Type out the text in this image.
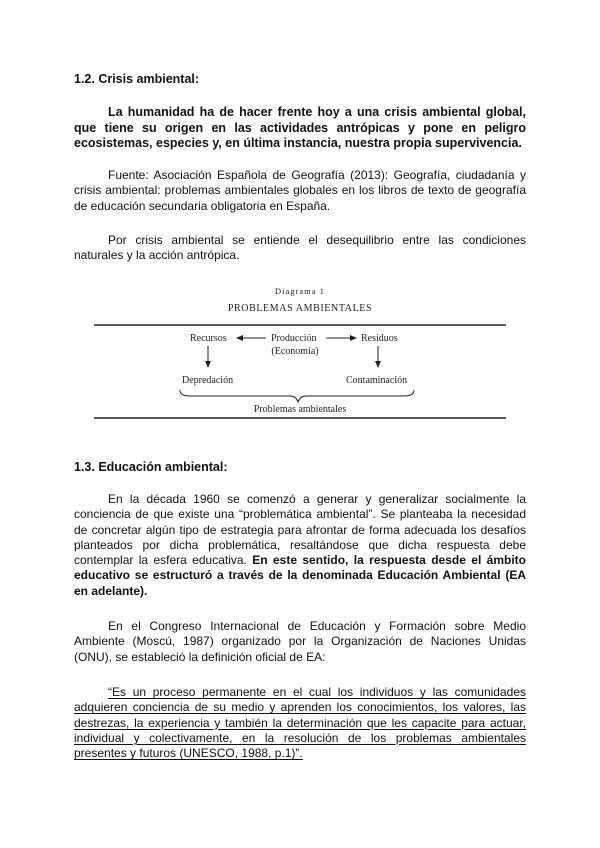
1.2. Crisis ambiental:

La humanidad ha de hacer frente hoy a una crisis ambiental global, que tiene su origen en las actividades antrópicas y pone en peligro ecosistemas, especies y, en última instancia, nuestra propia supervivencia.

Fuente: Asociación Española de Geografía (2013): Geografía, ciudadanía y crisis ambiental: problemas ambientales globales en los libros de texto de geografía de educación secundaria obligatoria en España.

Por crisis ambiental se entiende el desequilibrio entre las condiciones naturales y la acción antrópica.

Diagrama 1
PROBLEMAS AMBIENTALES
Recursos	Producción	Residuos
(Economía)
Depredación	Contaminación
Problemas ambientales

1.3. Educación ambiental:

En la década 1960 se comenzó a generar y generalizar socialmente la conciencia de que existe una “problemática ambiental”. Se planteaba la necesidad de concretar algún tipo de estrategia para afrontar de forma adecuada los desafíos planteados por dicha problemática, resaltándose que dicha respuesta debe contemplar la esfera educativa. En este sentido, la respuesta desde el ámbito educativo se estructuró a través de la denominada Educación Ambiental (EA en adelante).

En el Congreso Internacional de Educación y Formación sobre Medio Ambiente (Moscú, 1987) organizado por la Organización de Naciones Unidas (ONU), se estableció la definición oficial de EA:

“Es un proceso permanente en el cual los individuos y las comunidades adquieren conciencia de su medio y aprenden los conocimientos, los valores, las destrezas, la experiencia y también la determinación que les capacite para actuar, individual y colectivamente, en la resolución de los problemas ambientales presentes y futuros (UNESCO, 1988, p.1)”.
